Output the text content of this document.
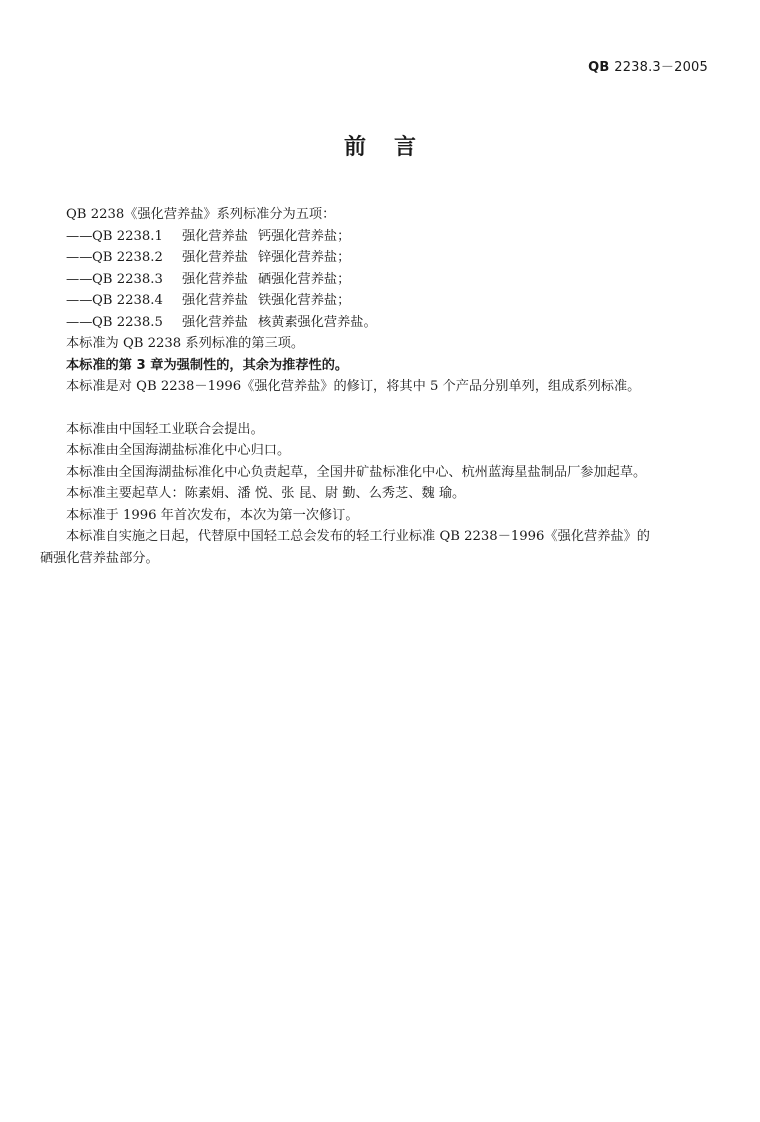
QB 2238.3－2005
前言
QB 2238《强化营养盐》系列标准分为五项：
——QB 2238.1 强化营养盐 钙强化营养盐；
——QB 2238.2 强化营养盐 锌强化营养盐；
——QB 2238.3 强化营养盐 硒强化营养盐；
——QB 2238.4 强化营养盐 铁强化营养盐；
——QB 2238.5 强化营养盐 核黄素强化营养盐。
本标准为 QB 2238 系列标准的第三项。
本标准的第 3 章为强制性的，其余为推荐性的。
本标准是对 QB 2238－1996《强化营养盐》的修订，将其中 5 个产品分别单列，组成系列标准。
本标准由中国轻工业联合会提出。
本标准由全国海湖盐标准化中心归口。
本标准由全国海湖盐标准化中心负责起草，全国井矿盐标准化中心、杭州蓝海星盐制品厂参加起草。
本标准主要起草人：陈素娟、潘 悦、张 昆、尉 勤、么秀芝、魏 瑜。
本标准于 1996 年首次发布，本次为第一次修订。
本标准自实施之日起，代替原中国轻工总会发布的轻工行业标准 QB 2238－1996《强化营养盐》的
硒强化营养盐部分。
